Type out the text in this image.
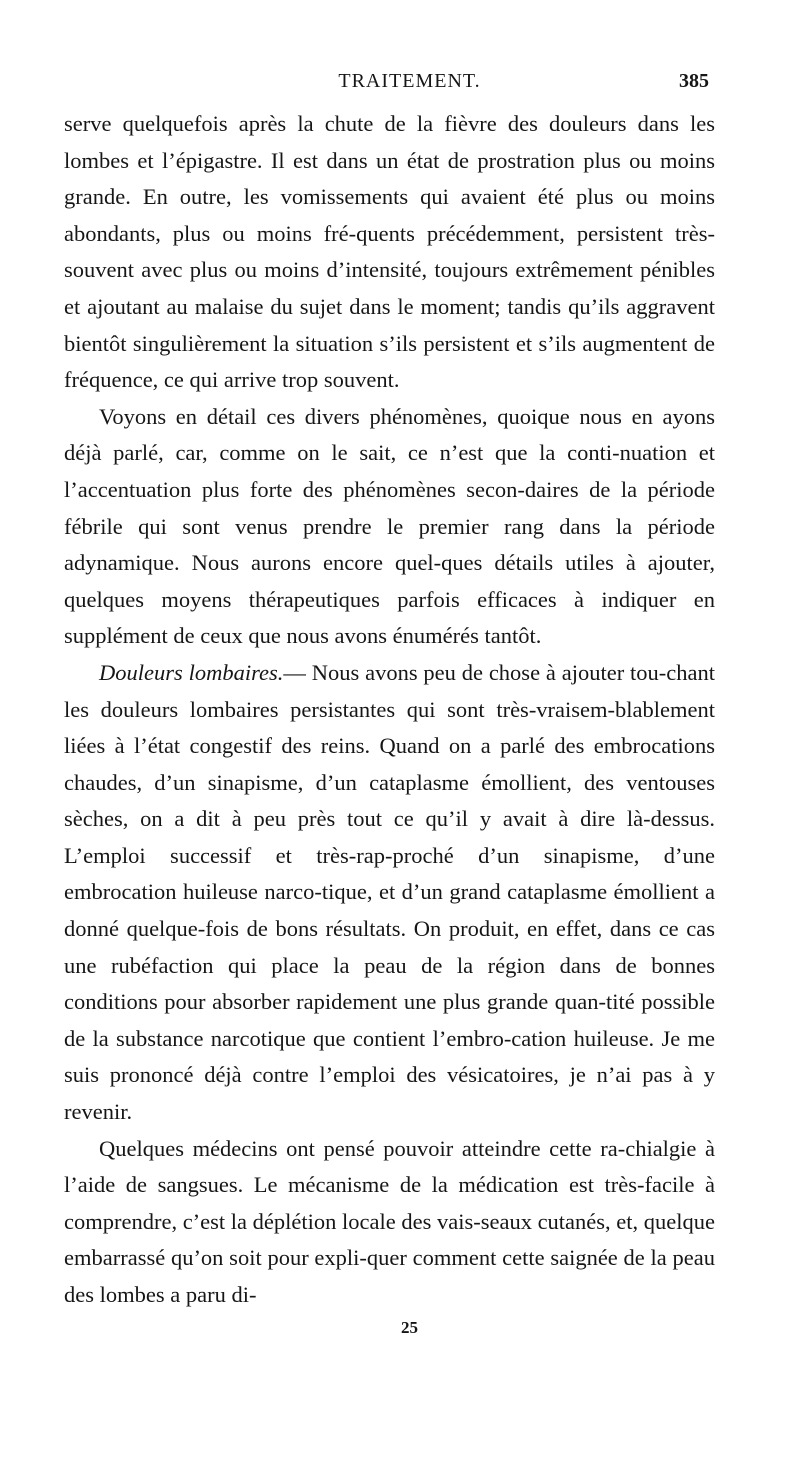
TRAITEMENT.	385

serve quelquefois après la chute de la fièvre des douleurs dans les lombes et l’épigastre. Il est dans un état de prostration plus ou moins grande. En outre, les vomissements qui avaient été plus ou moins abondants, plus ou moins fré-quents précédemment, persistent très-souvent avec plus ou moins d’intensité, toujours extrêmement pénibles et ajoutant au malaise du sujet dans le moment; tandis qu’ils aggravent bientôt singulièrement la situation s’ils persistent et s’ils augmentent de fréquence, ce qui arrive trop souvent.

Voyons en détail ces divers phénomènes, quoique nous en ayons déjà parlé, car, comme on le sait, ce n’est que la conti-nuation et l’accentuation plus forte des phénomènes secon-daires de la période fébrile qui sont venus prendre le premier rang dans la période adynamique. Nous aurons encore quel-ques détails utiles à ajouter, quelques moyens thérapeutiques parfois efficaces à indiquer en supplément de ceux que nous avons énumérés tantôt.

Douleurs lombaires.— Nous avons peu de chose à ajouter tou-chant les douleurs lombaires persistantes qui sont très-vraisem-blablement liées à l’état congestif des reins. Quand on a parlé des embrocations chaudes, d’un sinapisme, d’un cataplasme émollient, des ventouses sèches, on a dit à peu près tout ce qu’il y avait à dire là-dessus. L’emploi successif et très-rap-proché d’un sinapisme, d’une embrocation huileuse narco-tique, et d’un grand cataplasme émollient a donné quelque-fois de bons résultats. On produit, en effet, dans ce cas une rubéfaction qui place la peau de la région dans de bonnes conditions pour absorber rapidement une plus grande quan-tité possible de la substance narcotique que contient l’embro-cation huileuse. Je me suis prononcé déjà contre l’emploi des vésicatoires, je n’ai pas à y revenir.

Quelques médecins ont pensé pouvoir atteindre cette ra-chialgie à l’aide de sangsues. Le mécanisme de la médication est très-facile à comprendre, c’est la déplétion locale des vais-seaux cutanés, et, quelque embarrassé qu’on soit pour expli-quer comment cette saignée de la peau des lombes a paru di-

25
